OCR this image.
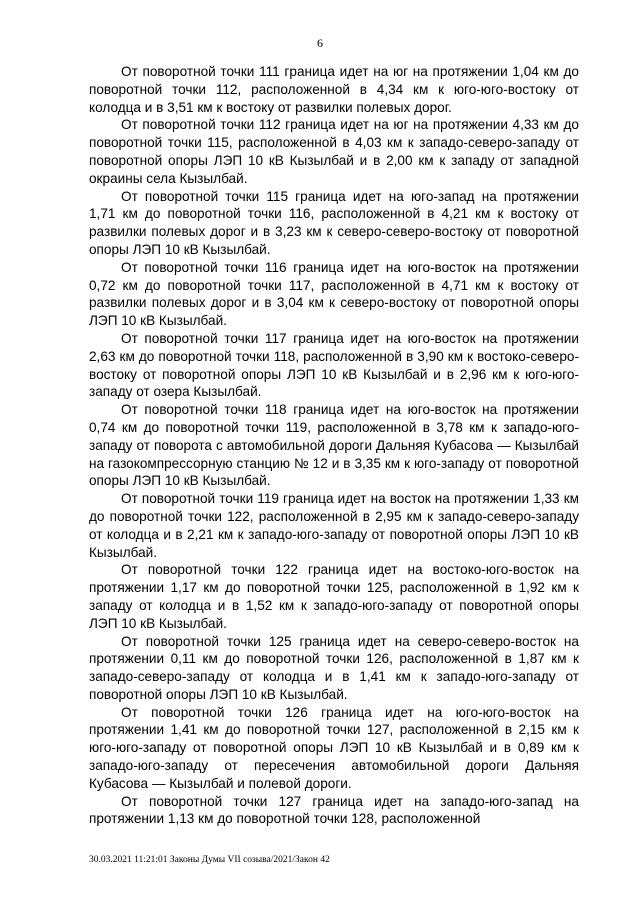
6

От поворотной точки 111 граница идет на юг на протяжении 1,04 км до поворотной точки 112, расположенной в 4,34 км к юго-юго-востоку от колодца и в 3,51 км к востоку от развилки полевых дорог.

От поворотной точки 112 граница идет на юг на протяжении 4,33 км до поворотной точки 115, расположенной в 4,03 км к западо-северо-западу от поворотной опоры ЛЭП 10 кВ Кызылбай и в 2,00 км к западу от западной окраины села Кызылбай.

От поворотной точки 115 граница идет на юго-запад на протяжении 1,71 км до поворотной точки 116, расположенной в 4,21 км к востоку от развилки полевых дорог и в 3,23 км к северо-северо-востоку от поворотной опоры ЛЭП 10 кВ Кызылбай.

От поворотной точки 116 граница идет на юго-восток на протяжении 0,72 км до поворотной точки 117, расположенной в 4,71 км к востоку от развилки полевых дорог и в 3,04 км к северо-востоку от поворотной опоры ЛЭП 10 кВ Кызылбай.

От поворотной точки 117 граница идет на юго-восток на протяжении 2,63 км до поворотной точки 118, расположенной в 3,90 км к востоко-северо-востоку от поворотной опоры ЛЭП 10 кВ Кызылбай и в 2,96 км к юго-юго-западу от озера Кызылбай.

От поворотной точки 118 граница идет на юго-восток на протяжении 0,74 км до поворотной точки 119, расположенной в 3,78 км к западо-юго-западу от поворота с автомобильной дороги Дальняя Кубасова — Кызылбай на газокомпрессорную станцию № 12 и в 3,35 км к юго-западу от поворотной опоры ЛЭП 10 кВ Кызылбай.

От поворотной точки 119 граница идет на восток на протяжении 1,33 км до поворотной точки 122, расположенной в 2,95 км к западо-северо-западу от колодца и в 2,21 км к западо-юго-западу от поворотной опоры ЛЭП 10 кВ Кызылбай.

От поворотной точки 122 граница идет на востоко-юго-восток на протяжении 1,17 км до поворотной точки 125, расположенной в 1,92 км к западу от колодца и в 1,52 км к западо-юго-западу от поворотной опоры ЛЭП 10 кВ Кызылбай.

От поворотной точки 125 граница идет на северо-северо-восток на протяжении 0,11 км до поворотной точки 126, расположенной в 1,87 км к западо-северо-западу от колодца и в 1,41 км к западо-юго-западу от поворотной опоры ЛЭП 10 кВ Кызылбай.

От поворотной точки 126 граница идет на юго-юго-восток на протяжении 1,41 км до поворотной точки 127, расположенной в 2,15 км к юго-юго-западу от поворотной опоры ЛЭП 10 кВ Кызылбай и в 0,89 км к западо-юго-западу от пересечения автомобильной дороги Дальняя Кубасова — Кызылбай и полевой дороги.

От поворотной точки 127 граница идет на западо-юго-запад на протяжении 1,13 км до поворотной точки 128, расположенной

30.03.2021 11:21:01 Законы Думы VII созыва/2021/Закон 42
